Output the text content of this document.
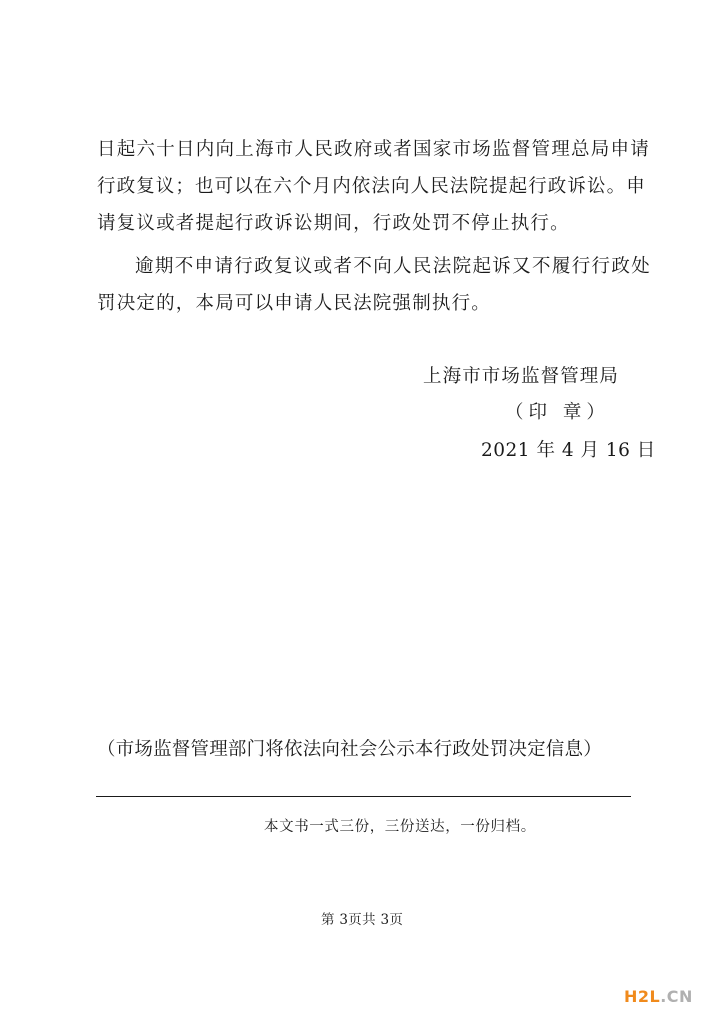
日起六十日内向上海市人民政府或者国家市场监督管理总局申请
行政复议；也可以在六个月内依法向人民法院提起行政诉讼。申
请复议或者提起行政诉讼期间，行政处罚不停止执行。
逾期不申请行政复议或者不向人民法院起诉又不履行行政处
罚决定的，本局可以申请人民法院强制执行。
上海市市场监督管理局
（印 章）
2021 年 4 月 16 日
（市场监督管理部门将依法向社会公示本行政处罚决定信息）
本文书一式三份，三份送达，一份归档。
第 3页共 3页
H2L.CN
